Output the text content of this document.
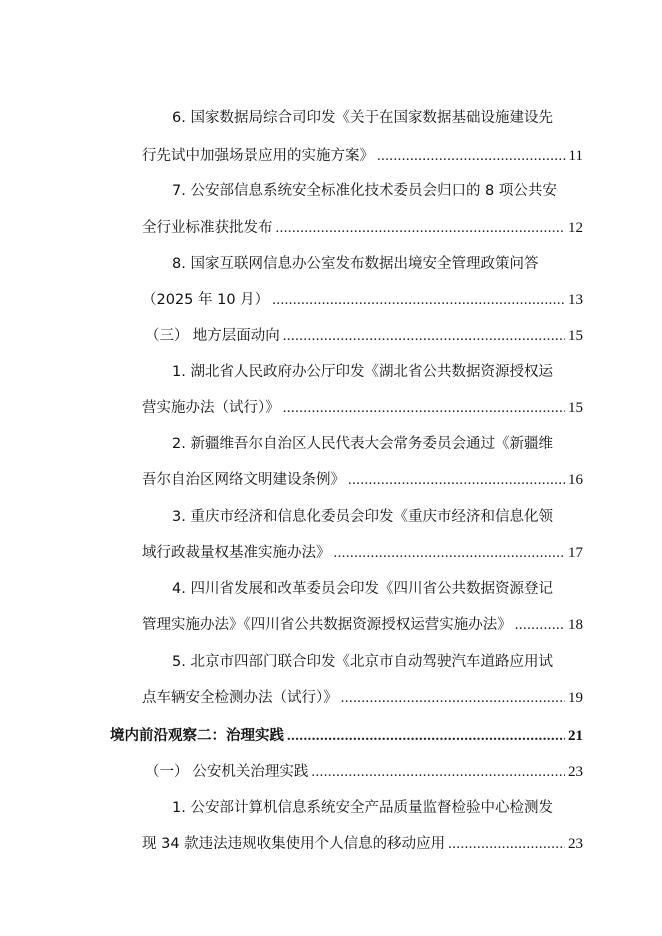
6. 国家数据局综合司印发《关于在国家数据基础设施建设先
行先试中加强场景应用的实施方案》 .....	11
7. 公安部信息系统安全标准化技术委员会归口的 8 项公共安
全行业标准获批发布 .....	12
8. 国家互联网信息办公室发布数据出境安全管理政策问答
（2025 年 10 月） .....	13
（三） 地方层面动向 .....	15
1. 湖北省人民政府办公厅印发《湖北省公共数据资源授权运
营实施办法（试行）》 .....	15
2. 新疆维吾尔自治区人民代表大会常务委员会通过《新疆维
吾尔自治区网络文明建设条例》 .....	16
3. 重庆市经济和信息化委员会印发《重庆市经济和信息化领
域行政裁量权基准实施办法》 .....	17
4. 四川省发展和改革委员会印发《四川省公共数据资源登记
管理实施办法》《四川省公共数据资源授权运营实施办法》 .....	18
5. 北京市四部门联合印发《北京市自动驾驶汽车道路应用试
点车辆安全检测办法（试行）》 .....	19
境内前沿观察二：治理实践 .....	21
（一） 公安机关治理实践 .....	23
1. 公安部计算机信息系统安全产品质量监督检验中心检测发
现 34 款违法违规收集使用个人信息的移动应用 .....	23
